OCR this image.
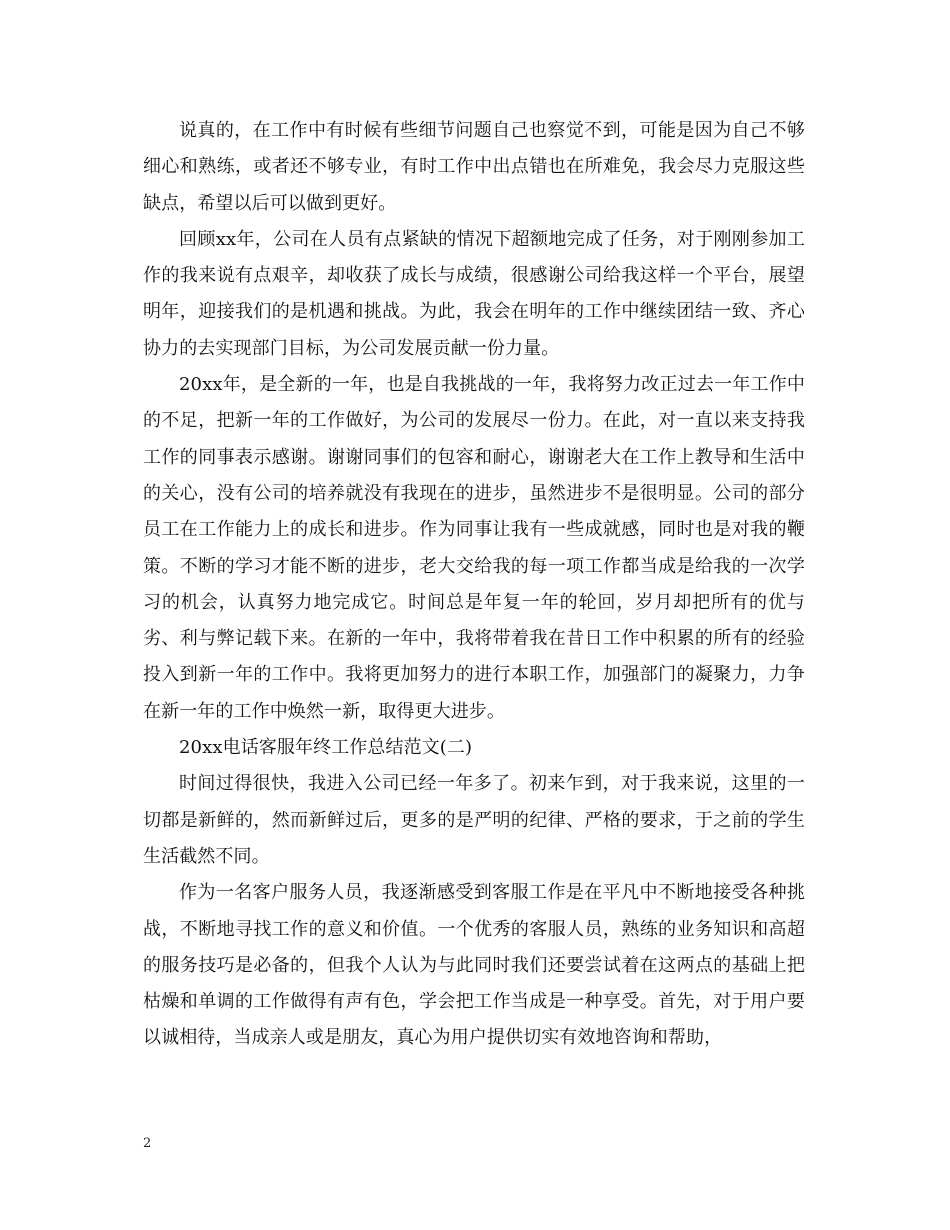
说真的，在工作中有时候有些细节问题自己也察觉不到，可能是因为自己不够细心和熟练，或者还不够专业，有时工作中出点错也在所难免，我会尽力克服这些缺点，希望以后可以做到更好。

回顾xx年，公司在人员有点紧缺的情况下超额地完成了任务，对于刚刚参加工作的我来说有点艰辛，却收获了成长与成绩，很感谢公司给我这样一个平台，展望明年，迎接我们的是机遇和挑战。为此，我会在明年的工作中继续团结一致、齐心协力的去实现部门目标，为公司发展贡献一份力量。

20xx年，是全新的一年，也是自我挑战的一年，我将努力改正过去一年工作中的不足，把新一年的工作做好，为公司的发展尽一份力。在此，对一直以来支持我工作的同事表示感谢。谢谢同事们的包容和耐心，谢谢老大在工作上教导和生活中的关心，没有公司的培养就没有我现在的进步，虽然进步不是很明显。公司的部分员工在工作能力上的成长和进步。作为同事让我有一些成就感，同时也是对我的鞭策。不断的学习才能不断的进步，老大交给我的每一项工作都当成是给我的一次学习的机会，认真努力地完成它。时间总是年复一年的轮回，岁月却把所有的优与劣、利与弊记载下来。在新的一年中，我将带着我在昔日工作中积累的所有的经验投入到新一年的工作中。我将更加努力的进行本职工作，加强部门的凝聚力，力争在新一年的工作中焕然一新，取得更大进步。

20xx电话客服年终工作总结范文(二)

时间过得很快，我进入公司已经一年多了。初来乍到，对于我来说，这里的一切都是新鲜的，然而新鲜过后，更多的是严明的纪律、严格的要求，于之前的学生生活截然不同。

作为一名客户服务人员，我逐渐感受到客服工作是在平凡中不断地接受各种挑战，不断地寻找工作的意义和价值。一个优秀的客服人员，熟练的业务知识和高超的服务技巧是必备的，但我个人认为与此同时我们还要尝试着在这两点的基础上把枯燥和单调的工作做得有声有色，学会把工作当成是一种享受。首先，对于用户要以诚相待，当成亲人或是朋友，真心为用户提供切实有效地咨询和帮助，

2
